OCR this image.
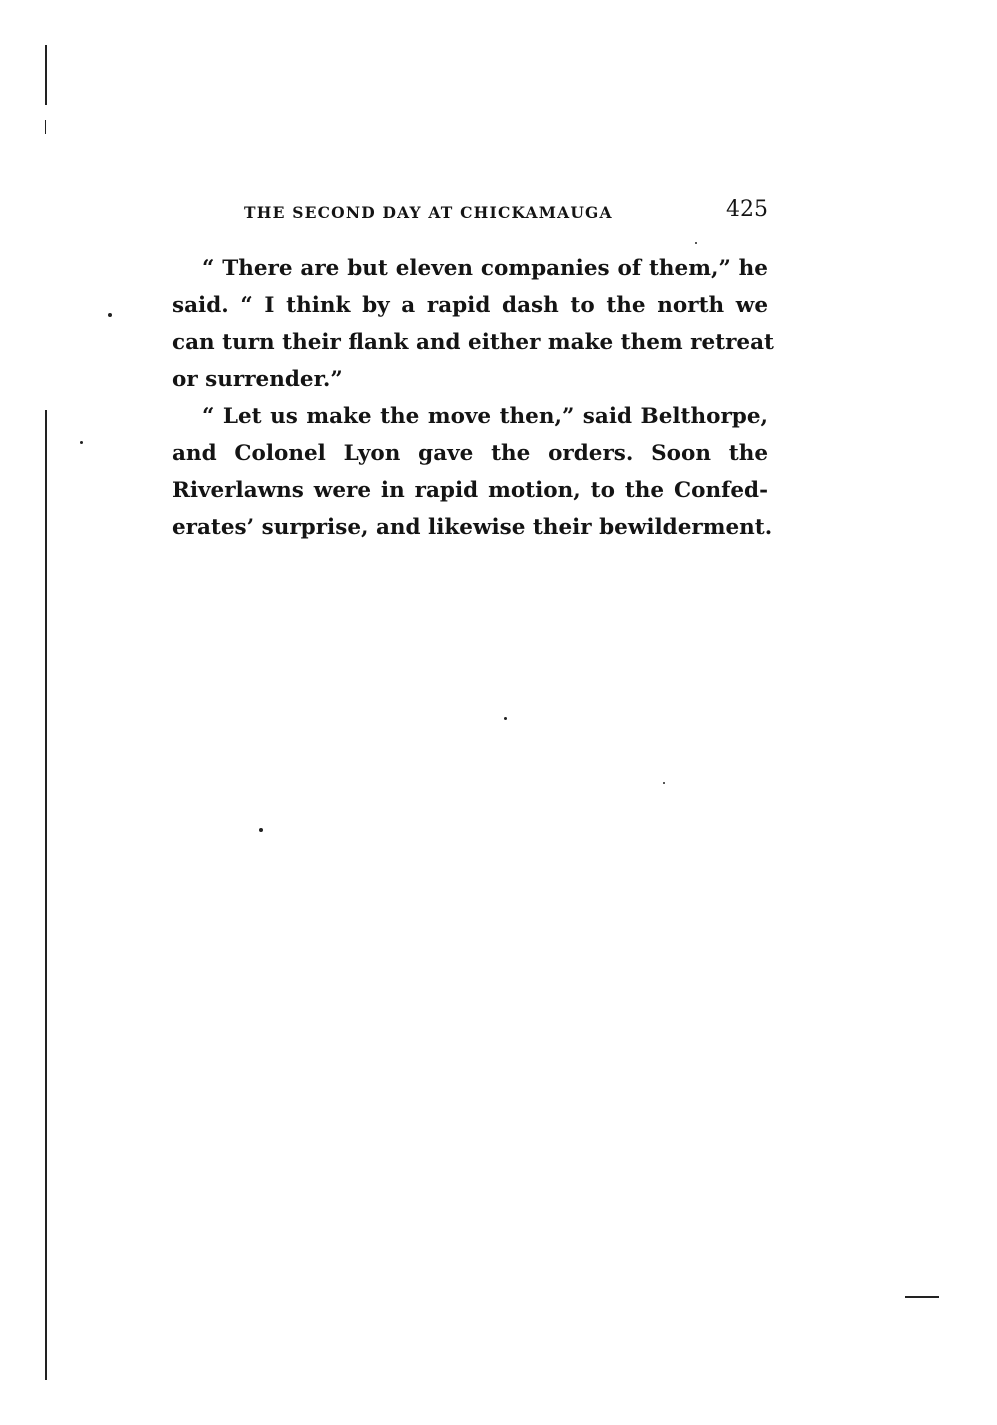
THE SECOND DAY AT CHICKAMAUGA	425
“ There are but eleven companies of them,” he
said. “ I think by a rapid dash to the north we
can turn their flank and either make them retreat
or surrender.”
“ Let us make the move then,” said Belthorpe,
and Colonel Lyon gave the orders. Soon the
Riverlawns were in rapid motion, to the Confed-
erates’ surprise, and likewise their bewilderment.
